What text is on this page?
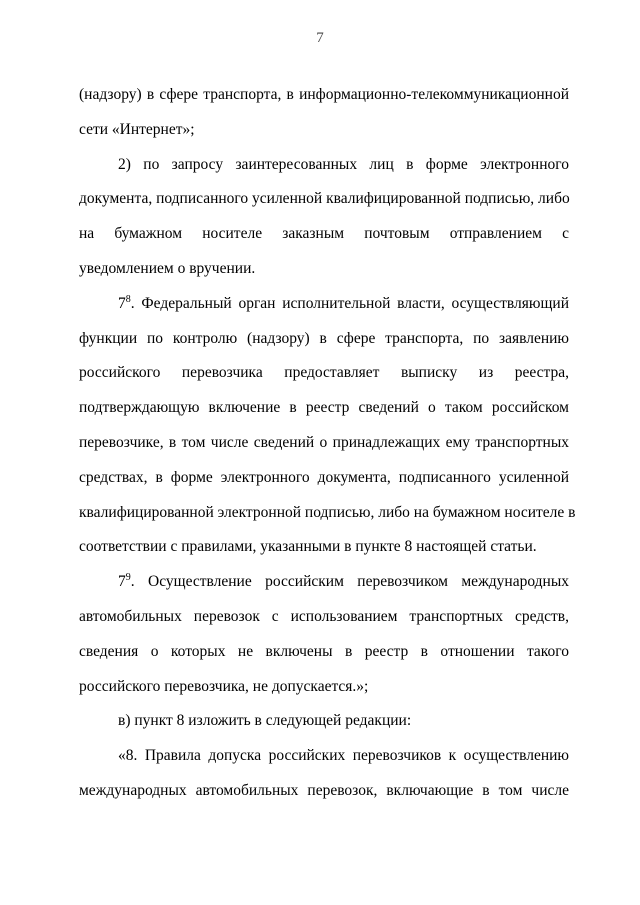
7
(надзору) в сфере транспорта, в информационно-телекоммуникационной
сети «Интернет»;
2) по запросу заинтересованных лиц в форме электронного
документа, подписанного усиленной квалифицированной подписью, либо
на бумажном носителе заказным почтовым отправлением с
уведомлением о вручении.
$7^8$. Федеральный орган исполнительной власти, осуществляющий
функции по контролю (надзору) в сфере транспорта, по заявлению
российского перевозчика предоставляет выписку из реестра,
подтверждающую включение в реестр сведений о таком российском
перевозчике, в том числе сведений о принадлежащих ему транспортных
средствах, в форме электронного документа, подписанного усиленной
квалифицированной электронной подписью, либо на бумажном носителе в
соответствии с правилами, указанными в пункте 8 настоящей статьи.
$7^9$. Осуществление российским перевозчиком международных
автомобильных перевозок с использованием транспортных средств,
сведения о которых не включены в реестр в отношении такого
российского перевозчика, не допускается.»;
в) пункт 8 изложить в следующей редакции:
«8. Правила допуска российских перевозчиков к осуществлению
международных автомобильных перевозок, включающие в том числе
